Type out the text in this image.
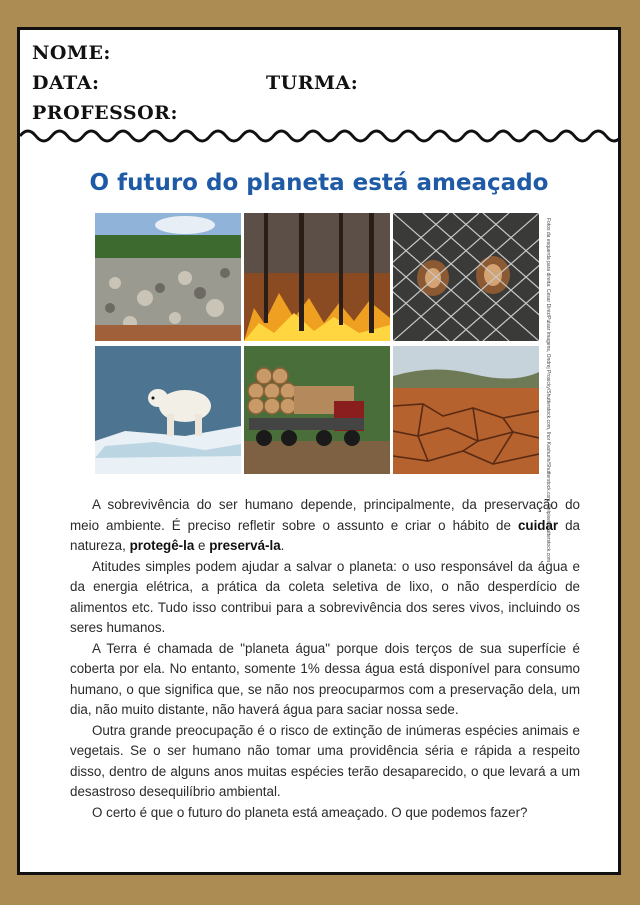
NOME:
DATA:	TURMA:
PROFESSOR:
O futuro do planeta está ameaçado
Fotos da esquerda para direita: Cesar Diniz/Pulsar Imagens, Ondrej Prosicky/Shutterstock.com, Ihor Kashurin/Shutterstock.com, Delpixel/Shutterstock.com

A sobrevivência do ser humano depende, principalmente, da preservação do meio ambiente. É preciso refletir sobre o assunto e criar o hábito de cuidar da natureza, protegê-la e preservá-la.

Atitudes simples podem ajudar a salvar o planeta: o uso responsável da água e da energia elétrica, a prática da coleta seletiva de lixo, o não desperdício de alimentos etc. Tudo isso contribui para a sobrevivência dos seres vivos, incluindo os seres humanos.

A Terra é chamada de "planeta água" porque dois terços de sua superfície é coberta por ela. No entanto, somente 1% dessa água está disponível para consumo humano, o que significa que, se não nos preocuparmos com a preservação dela, um dia, não muito distante, não haverá água para saciar nossa sede.

Outra grande preocupação é o risco de extinção de inúmeras espécies animais e vegetais. Se o ser humano não tomar uma providência séria e rápida a respeito disso, dentro de alguns anos muitas espécies terão desaparecido, o que levará a um desastroso desequilíbrio ambiental.

O certo é que o futuro do planeta está ameaçado. O que podemos fazer?
